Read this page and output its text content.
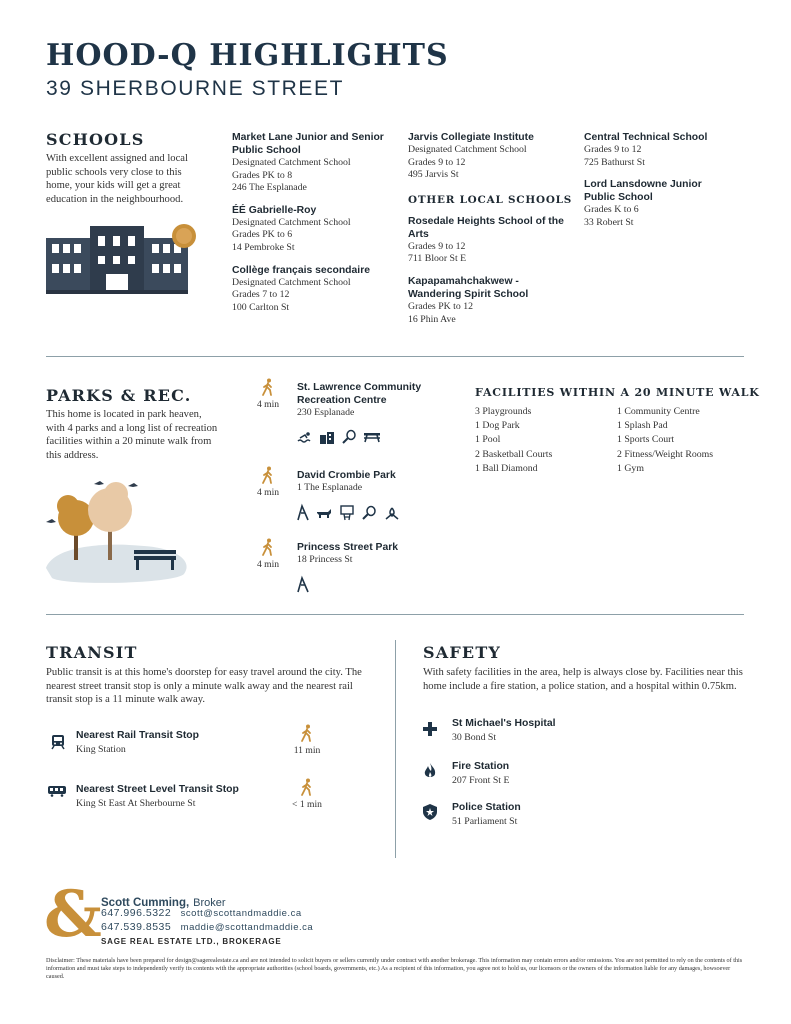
HOOD-Q HIGHLIGHTS
39 SHERBOURNE STREET
SCHOOLS
With excellent assigned and local public schools very close to this home, your kids will get a great education in the neighbourhood.
Market Lane Junior and Senior Public School
Designated Catchment School
Grades PK to 8
246 The Esplanade
ÉÉ Gabrielle-Roy
Designated Catchment School
Grades PK to 6
14 Pembroke St
Collège français secondaire
Designated Catchment School
Grades 7 to 12
100 Carlton St
Jarvis Collegiate Institute
Designated Catchment School
Grades 9 to 12
495 Jarvis St
OTHER LOCAL SCHOOLS
Rosedale Heights School of the Arts
Grades 9 to 12
711 Bloor St E
Kapapamahchakwew - Wandering Spirit School
Grades PK to 12
16 Phin Ave
Central Technical School
Grades 9 to 12
725 Bathurst St
Lord Lansdowne Junior Public School
Grades K to 6
33 Robert St
PARKS & REC.
This home is located in park heaven, with 4 parks and a long list of recreation facilities within a 20 minute walk from this address.
4 min
St. Lawrence Community Recreation Centre
230 Esplanade
4 min
David Crombie Park
1 The Esplanade
4 min
Princess Street Park
18 Princess St
FACILITIES WITHIN A 20 MINUTE WALK
3 Playgrounds
1 Dog Park
1 Pool
2 Basketball Courts
1 Ball Diamond
1 Community Centre
1 Splash Pad
1 Sports Court
2 Fitness/Weight Rooms
1 Gym
TRANSIT
Public transit is at this home's doorstep for easy travel around the city. The nearest street transit stop is only a minute walk away and the nearest rail transit stop is a 11 minute walk away.
Nearest Rail Transit Stop
King Station	11 min
Nearest Street Level Transit Stop
King St East At Sherbourne St	< 1 min
SAFETY
With safety facilities in the area, help is always close by. Facilities near this home include a fire station, a police station, and a hospital within 0.75km.
St Michael's Hospital
30 Bond St
Fire Station
207 Front St E
Police Station
51 Parliament St
& Scott Cumming, Broker
647.996.5322 scott@scottandmaddie.ca
647.539.8535 maddie@scottandmaddie.ca
SAGE REAL ESTATE LTD., BROKERAGE
Disclaimer: These materials have been prepared for design@sagerealestate.ca and are not intended to solicit buyers or sellers currently under contract with another brokerage. This information may contain errors and/or omissions. You are not permitted to rely on the contents of this information and must take steps to independently verify its contents with the appropriate authorities (school boards, governments, etc.) As a recipient of this information, you agree not to hold us, our licensors or the owners of the information liable for any damages, howsoever caused.
